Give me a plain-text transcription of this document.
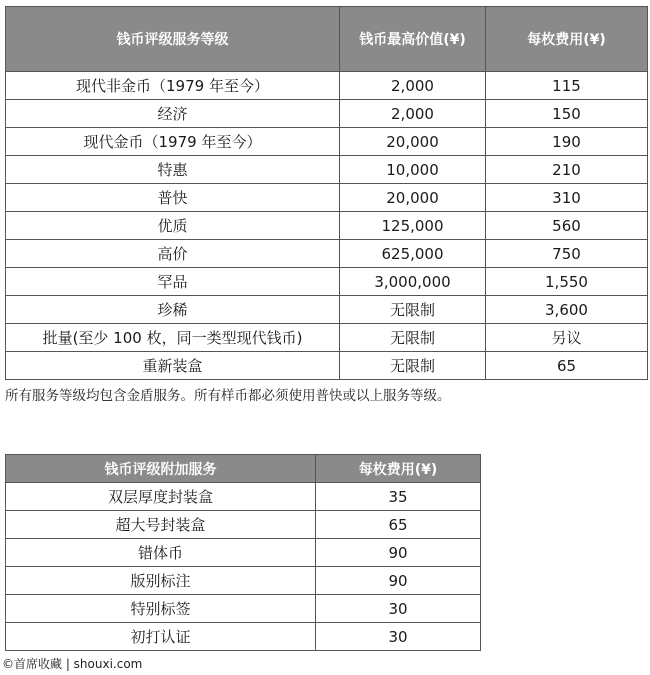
钱币评级服务等级	钱币最高价值(¥)	每枚费用(¥)
现代非金币（1979 年至今）	2,000	115
经济	2,000	150
现代金币（1979 年至今）	20,000	190
特惠	10,000	210
普快	20,000	310
优质	125,000	560
高价	625,000	750
罕品	3,000,000	1,550
珍稀	无限制	3,600
批量(至少 100 枚，同一类型现代钱币)	无限制	另议
重新装盒	无限制	65
所有服务等级均包含金盾服务。所有样币都必须使用普快或以上服务等级。
钱币评级附加服务	每枚费用(¥)
双层厚度封装盒	35
超大号封装盒	65
错体币	90
版别标注	90
特别标签	30
初打认证	30
©首席收藏 | shouxi.com
